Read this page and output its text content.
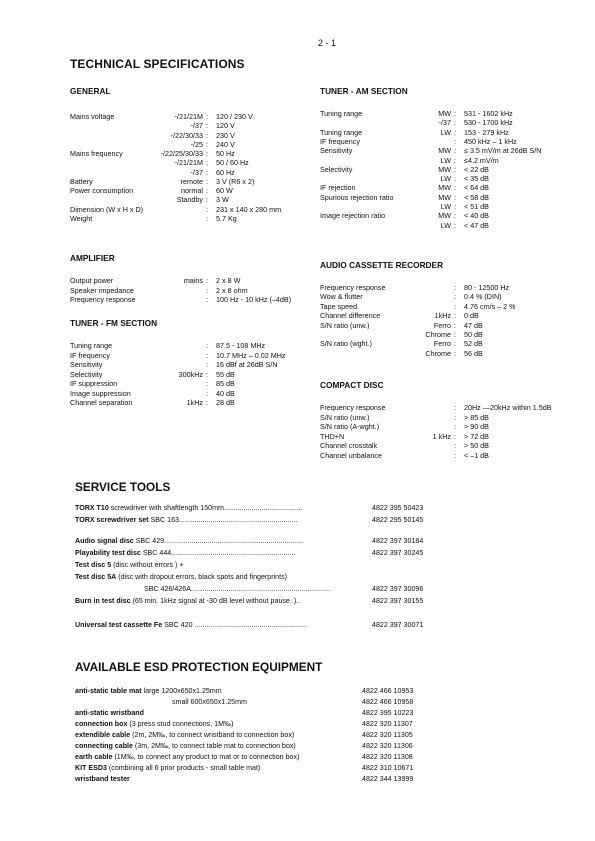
2 - 1
TECHNICAL SPECIFICATIONS
GENERAL
Mains voltage	-/21/21M : 120 / 230 V
-/37 : 120 V
-/22/30/33 : 230 V
-/25 : 240 V
Mains frequency	-/22/25/30/33 : 50 Hz
-/21/21M : 50 / 60 Hz
-/37 : 60 Hz
Battery	remote : 3 V (R6 x 2)
Power consumption	normal : 60 W
Standby : 3 W
Dimension (W x H x D)	: 231 x 140 x 280 mm
Weight	: 5.7 Kg
AMPLIFIER
Output power	mains : 2 x 8 W
Speaker impedance	: 2 x 8 ohm
Frequency response	: 100 Hz - 10 kHz (–4dB)
TUNER - FM SECTION
Tuning range	: 87.5 - 108 MHz
IF frequency	: 10.7 MHz – 0.02 MHz
Sensitivity	: 16 dBf at 26dB S/N
Selectivity	300kHz : 55 dB
IF suppression	: 85 dB
Image suppression	: 40 dB
Channel separation	1kHz : 28 dB
TUNER - AM SECTION
Tuning range	MW : 531 - 1602 kHz
-/37 : 530 - 1700 kHz
Tuning range	LW : 153 - 279 kHz
IF frequency	: 450 kHz – 1 kHz
Sensitivity	MW : ≤ 3.5 mV/m at 26dB S/N
LW : ≤4.2 mV/m
Selectivity	MW : < 22 dB
LW : < 35 dB
IF rejection	MW : < 64 dB
Spurious rejection ratio	MW : < 58 dB
LW : < 51 dB
Image rejection ratio	MW : < 40 dB
LW : < 47 dB
AUDIO CASSETTE RECORDER
Frequency response	: 80 - 12500 Hz
Wow & flutter	: 0.4 % (DIN)
Tape speed	: 4.76 cm/s – 2 %
Channel difference	1kHz : 0 dB
S/N ratio (unw.)	Ferro : 47 dB
Chrome : 50 dB
S/N ratio (wght.)	Ferro : 52 dB
Chrome : 56 dB
COMPACT DISC
Frequency response	: 20Hz —20kHz within 1.5dB
S/N ratio (unw.)	: > 85 dB
S/N ratio (A-wght.)	: > 90 dB
THD+N	1 kHz : > 72 dB
Channel crosstalk	: > 50 dB
Channel unbalance	: < –1 dB
SERVICE TOOLS
TORX T10 screwdriver with shaftlength 150mm........................................	4822 395 50423
TORX screwdriver set SBC 163............................................................	4822 295 50145
Audio signal disc SBC 429.......................................................................	4822 397 30184
Playability test disc SBC 444...............................................................	4822 397 30245
Test disc 5 (disc without errors ) +
Test disc 5A (disc with dropout errors, black spots and fingerprints)
SBC 426/426A.......................................................................	4822 397 30096
Burn in test disc (65 min. 1kHz signal at -30 dB level without pause .)..	4822 397 30155
Universal test cassette Fe SBC 420 .........................................................	4822 397 30071
AVAILABLE ESD PROTECTION EQUIPMENT
anti-static table mat large 1200x650x1.25mm	4822 466 10953
small 600x650x1.25mm	4822 466 10958
anti-static wristband	4822 395 10223
connection box (3 press stud connections, 1M‰)	4822 320 11307
extendible cable (2m, 2M‰, to connect wristband to connection box)	4822 320 11305
connecting cable (3m, 2M‰, to connect table mat to connection box)	4822 320 11306
earth cable (1M‰, to connect any product to mat or to connection box)	4822 320 11308
KIT ESD3 (combining all 6 prior products - small table mat)	4822 310 10671
wristband tester	4822 344 13999
